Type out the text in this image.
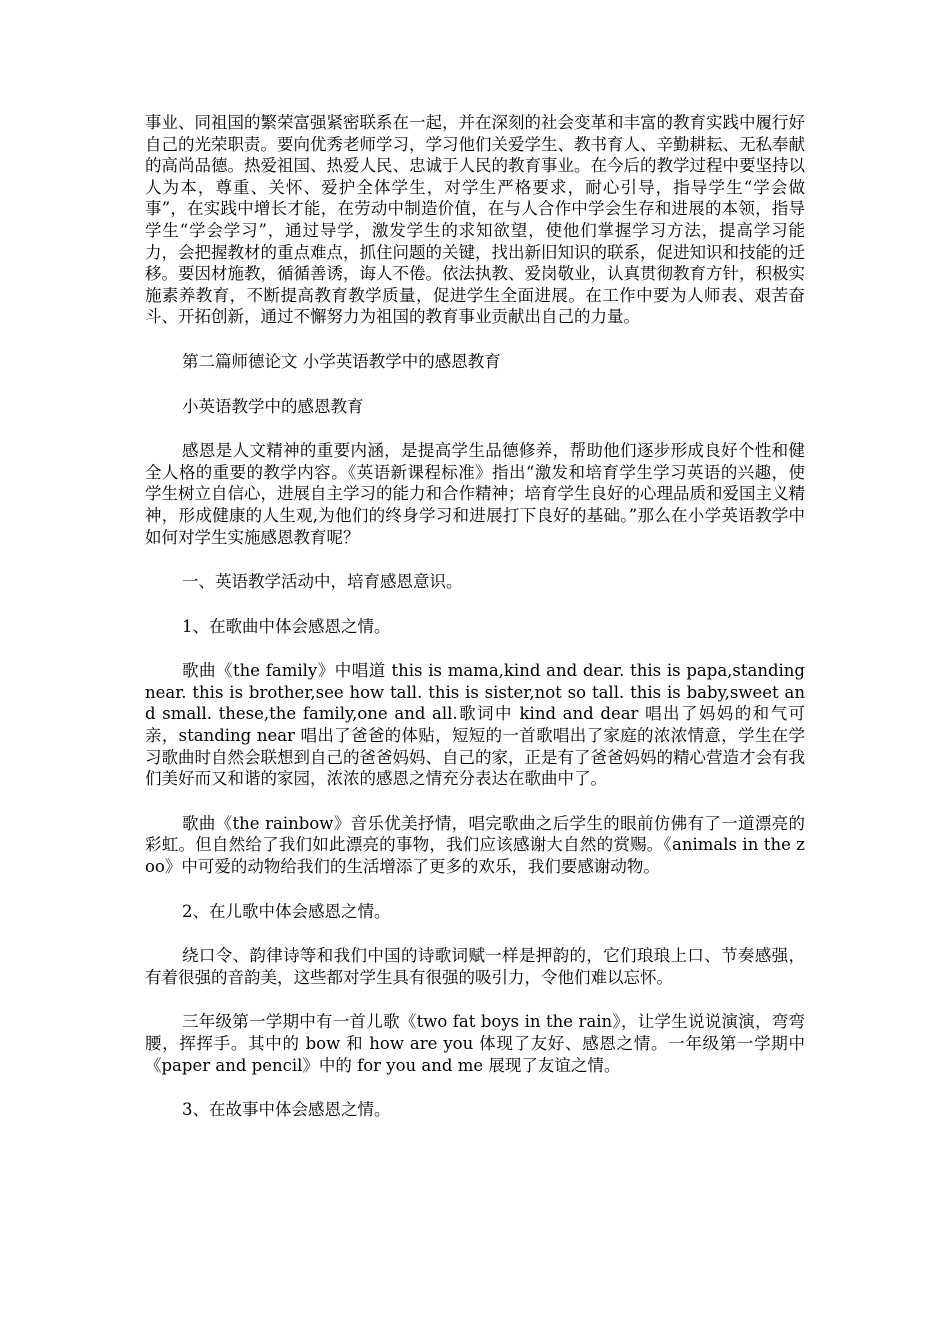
事业、同祖国的繁荣富强紧密联系在一起，并在深刻的社会变革和丰富的教育实践中履行好自己的光荣职责。要向优秀老师学习，学习他们关爱学生、教书育人、辛勤耕耘、无私奉献的高尚品德。热爱祖国、热爱人民、忠诚于人民的教育事业。在今后的教学过程中要坚持以人为本，尊重、关怀、爱护全体学生，对学生严格要求，耐心引导，指导学生“学会做事”，在实践中增长才能，在劳动中制造价值，在与人合作中学会生存和进展的本领，指导学生“学会学习”，通过导学，激发学生的求知欲望，使他们掌握学习方法，提高学习能力，会把握教材的重点难点，抓住问题的关键，找出新旧知识的联系，促进知识和技能的迁移。要因材施教，循循善诱，诲人不倦。依法执教、爱岗敬业，认真贯彻教育方针，积极实施素养教育，不断提高教育教学质量，促进学生全面进展。在工作中要为人师表、艰苦奋斗、开拓创新，通过不懈努力为祖国的教育事业贡献出自己的力量。

第二篇师德论文 小学英语教学中的感恩教育

小英语教学中的感恩教育

感恩是人文精神的重要内涵，是提高学生品德修养，帮助他们逐步形成良好个性和健全人格的重要的教学内容。《英语新课程标准》指出“激发和培育学生学习英语的兴趣，使学生树立自信心，进展自主学习的能力和合作精神；培育学生良好的心理品质和爱国主义精神，形成健康的人生观,为他们的终身学习和进展打下良好的基础。”那么在小学英语教学中如何对学生实施感恩教育呢？

一、英语教学活动中，培育感恩意识。

1、在歌曲中体会感恩之情。

歌曲《the family》中唱道 this is mama,kind and dear. this is papa,standing near. this is brother,see how tall. this is sister,not so tall. this is baby,sweet and small. these,the family,one and all.歌词中 kind and dear 唱出了妈妈的和气可亲，standing near 唱出了爸爸的体贴，短短的一首歌唱出了家庭的浓浓情意，学生在学习歌曲时自然会联想到自己的爸爸妈妈、自己的家，正是有了爸爸妈妈的精心营造才会有我们美好而又和谐的家园，浓浓的感恩之情充分表达在歌曲中了。

歌曲《the rainbow》音乐优美抒情，唱完歌曲之后学生的眼前仿佛有了一道漂亮的彩虹。但自然给了我们如此漂亮的事物，我们应该感谢大自然的赏赐。《animals in the zoo》中可爱的动物给我们的生活增添了更多的欢乐，我们要感谢动物。

2、在儿歌中体会感恩之情。

绕口令、韵律诗等和我们中国的诗歌词赋一样是押韵的，它们琅琅上口、节奏感强，有着很强的音韵美，这些都对学生具有很强的吸引力，令他们难以忘怀。

三年级第一学期中有一首儿歌《two fat boys in the rain》，让学生说说演演，弯弯腰，挥挥手。其中的 bow 和 how are you 体现了友好、感恩之情。一年级第一学期中《paper and pencil》中的 for you and me 展现了友谊之情。

3、在故事中体会感恩之情。
